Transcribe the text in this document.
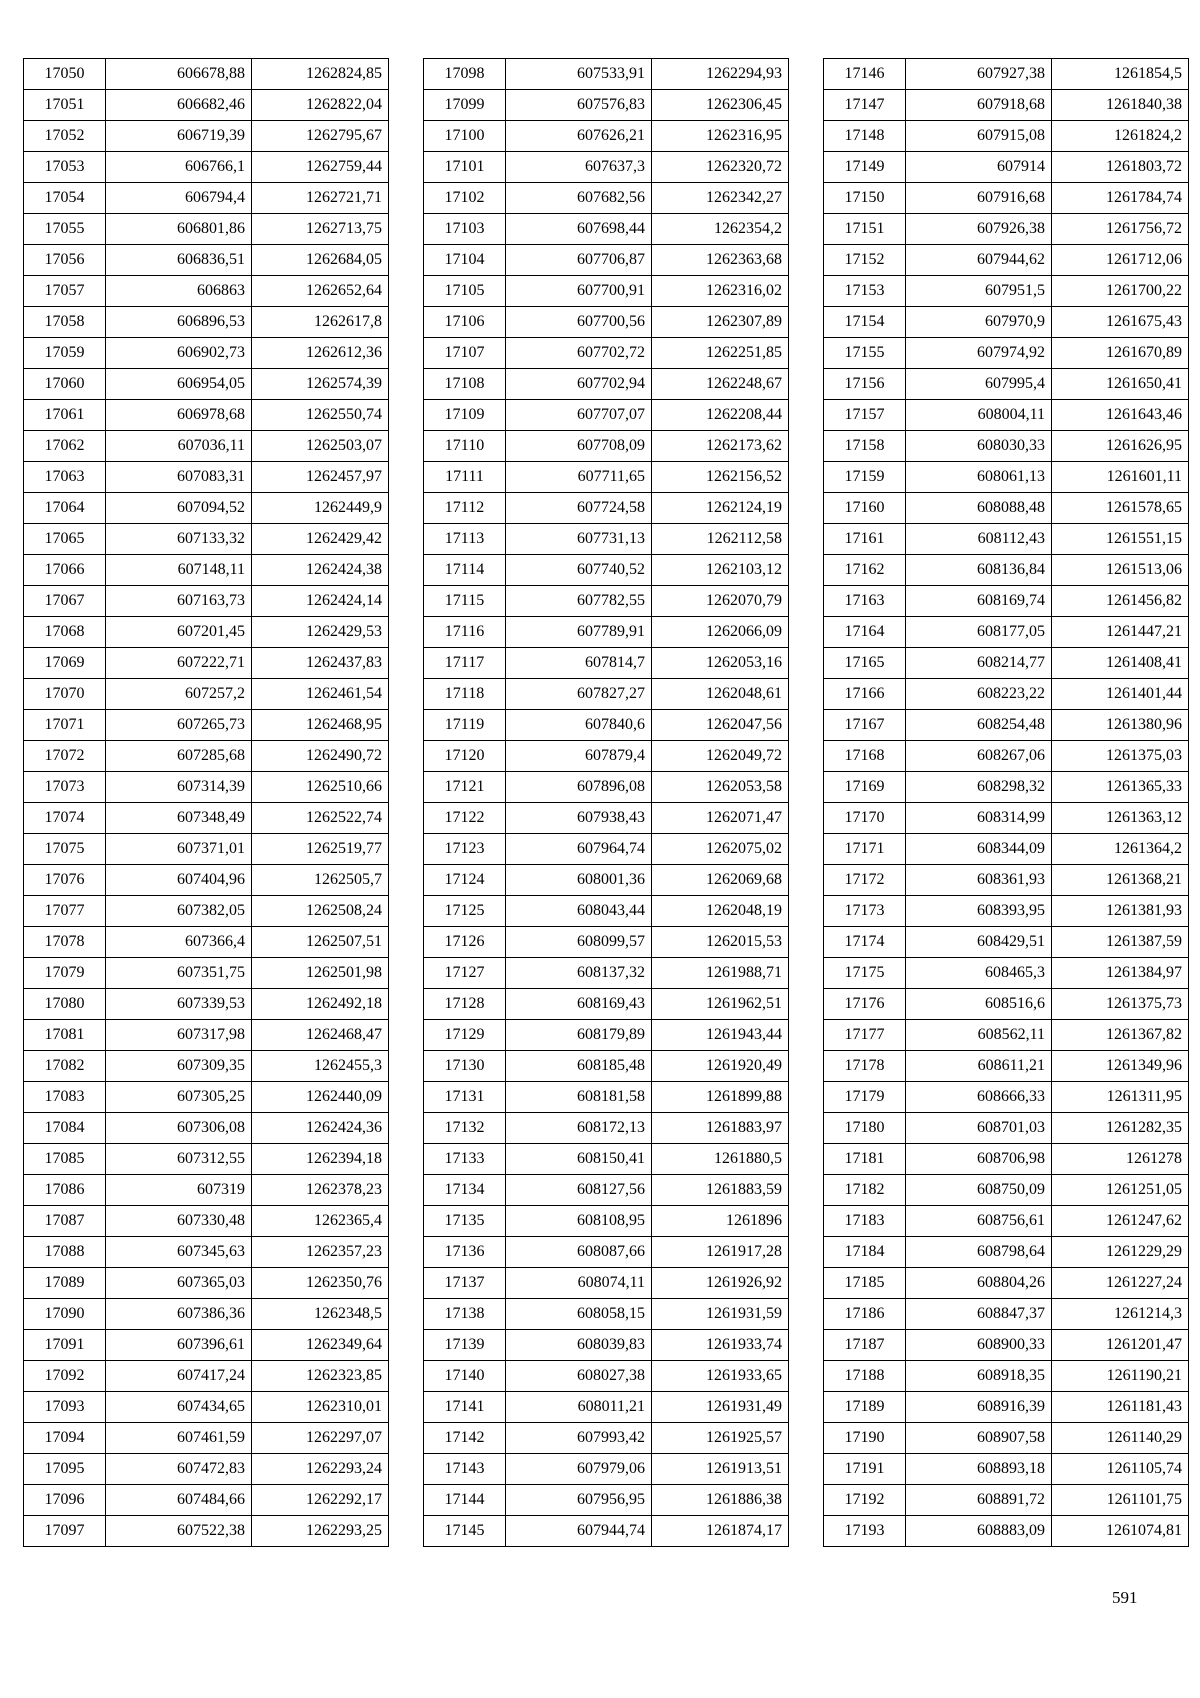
17050	606678,88	1262824,85
17051	606682,46	1262822,04
17052	606719,39	1262795,67
17053	606766,1	1262759,44
17054	606794,4	1262721,71
17055	606801,86	1262713,75
17056	606836,51	1262684,05
17057	606863	1262652,64
17058	606896,53	1262617,8
17059	606902,73	1262612,36
17060	606954,05	1262574,39
17061	606978,68	1262550,74
17062	607036,11	1262503,07
17063	607083,31	1262457,97
17064	607094,52	1262449,9
17065	607133,32	1262429,42
17066	607148,11	1262424,38
17067	607163,73	1262424,14
17068	607201,45	1262429,53
17069	607222,71	1262437,83
17070	607257,2	1262461,54
17071	607265,73	1262468,95
17072	607285,68	1262490,72
17073	607314,39	1262510,66
17074	607348,49	1262522,74
17075	607371,01	1262519,77
17076	607404,96	1262505,7
17077	607382,05	1262508,24
17078	607366,4	1262507,51
17079	607351,75	1262501,98
17080	607339,53	1262492,18
17081	607317,98	1262468,47
17082	607309,35	1262455,3
17083	607305,25	1262440,09
17084	607306,08	1262424,36
17085	607312,55	1262394,18
17086	607319	1262378,23
17087	607330,48	1262365,4
17088	607345,63	1262357,23
17089	607365,03	1262350,76
17090	607386,36	1262348,5
17091	607396,61	1262349,64
17092	607417,24	1262323,85
17093	607434,65	1262310,01
17094	607461,59	1262297,07
17095	607472,83	1262293,24
17096	607484,66	1262292,17
17097	607522,38	1262293,25
17098	607533,91	1262294,93
17099	607576,83	1262306,45
17100	607626,21	1262316,95
17101	607637,3	1262320,72
17102	607682,56	1262342,27
17103	607698,44	1262354,2
17104	607706,87	1262363,68
17105	607700,91	1262316,02
17106	607700,56	1262307,89
17107	607702,72	1262251,85
17108	607702,94	1262248,67
17109	607707,07	1262208,44
17110	607708,09	1262173,62
17111	607711,65	1262156,52
17112	607724,58	1262124,19
17113	607731,13	1262112,58
17114	607740,52	1262103,12
17115	607782,55	1262070,79
17116	607789,91	1262066,09
17117	607814,7	1262053,16
17118	607827,27	1262048,61
17119	607840,6	1262047,56
17120	607879,4	1262049,72
17121	607896,08	1262053,58
17122	607938,43	1262071,47
17123	607964,74	1262075,02
17124	608001,36	1262069,68
17125	608043,44	1262048,19
17126	608099,57	1262015,53
17127	608137,32	1261988,71
17128	608169,43	1261962,51
17129	608179,89	1261943,44
17130	608185,48	1261920,49
17131	608181,58	1261899,88
17132	608172,13	1261883,97
17133	608150,41	1261880,5
17134	608127,56	1261883,59
17135	608108,95	1261896
17136	608087,66	1261917,28
17137	608074,11	1261926,92
17138	608058,15	1261931,59
17139	608039,83	1261933,74
17140	608027,38	1261933,65
17141	608011,21	1261931,49
17142	607993,42	1261925,57
17143	607979,06	1261913,51
17144	607956,95	1261886,38
17145	607944,74	1261874,17
17146	607927,38	1261854,5
17147	607918,68	1261840,38
17148	607915,08	1261824,2
17149	607914	1261803,72
17150	607916,68	1261784,74
17151	607926,38	1261756,72
17152	607944,62	1261712,06
17153	607951,5	1261700,22
17154	607970,9	1261675,43
17155	607974,92	1261670,89
17156	607995,4	1261650,41
17157	608004,11	1261643,46
17158	608030,33	1261626,95
17159	608061,13	1261601,11
17160	608088,48	1261578,65
17161	608112,43	1261551,15
17162	608136,84	1261513,06
17163	608169,74	1261456,82
17164	608177,05	1261447,21
17165	608214,77	1261408,41
17166	608223,22	1261401,44
17167	608254,48	1261380,96
17168	608267,06	1261375,03
17169	608298,32	1261365,33
17170	608314,99	1261363,12
17171	608344,09	1261364,2
17172	608361,93	1261368,21
17173	608393,95	1261381,93
17174	608429,51	1261387,59
17175	608465,3	1261384,97
17176	608516,6	1261375,73
17177	608562,11	1261367,82
17178	608611,21	1261349,96
17179	608666,33	1261311,95
17180	608701,03	1261282,35
17181	608706,98	1261278
17182	608750,09	1261251,05
17183	608756,61	1261247,62
17184	608798,64	1261229,29
17185	608804,26	1261227,24
17186	608847,37	1261214,3
17187	608900,33	1261201,47
17188	608918,35	1261190,21
17189	608916,39	1261181,43
17190	608907,58	1261140,29
17191	608893,18	1261105,74
17192	608891,72	1261101,75
17193	608883,09	1261074,81
591
